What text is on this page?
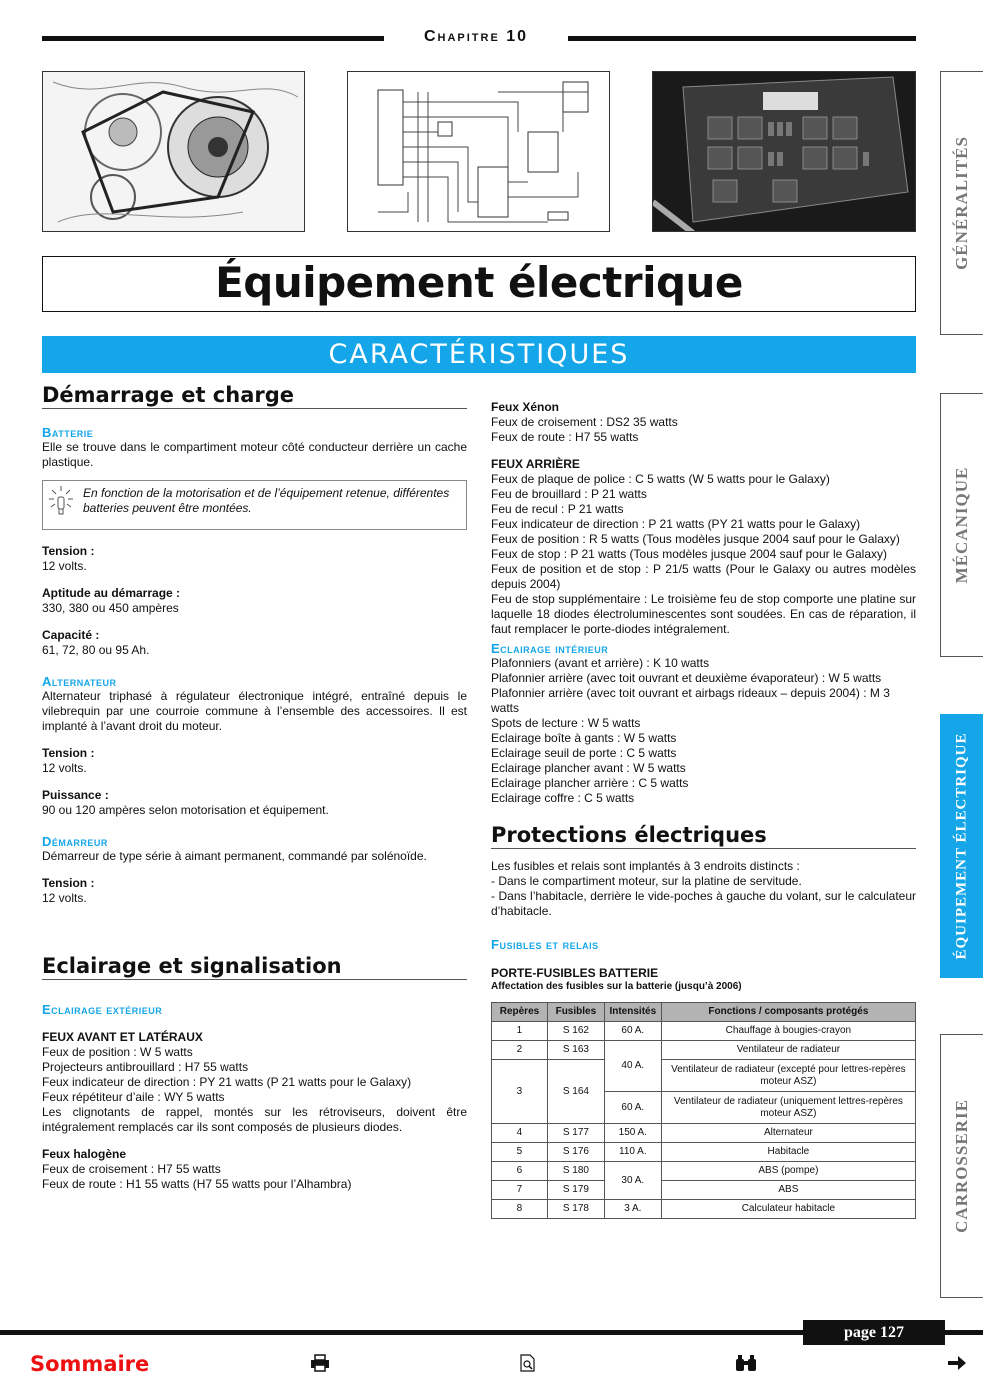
Chapitre 10
Équipement électrique
CARACTÉRISTIQUES
GÉNÉRALITÉS
MÉCANIQUE
ÉQUIPEMENT ÉLECTRIQUE
CARROSSERIE
Démarrage et charge
Batterie

Elle se trouve dans le compartiment moteur côté conducteur derrière un cache plastique.

En fonction de la motorisation et de l’équipement retenue, différentes batteries peuvent être montées.
Tension :
12 volts.
Aptitude au démarrage :
330, 380 ou 450 ampères
Capacité :
61, 72, 80 ou 95 Ah.
Alternateur

Alternateur triphasé à régulateur électronique intégré, entraîné depuis le vilebrequin par une courroie commune à l’ensemble des accessoires. Il est implanté à l’avant droit du moteur.

Tension :
12 volts.
Puissance :
90 ou 120 ampères selon motorisation et équipement.
Démarreur

Démarreur de type série à aimant permanent, commandé par solénoïde.

Tension :
12 volts.
Eclairage et signalisation
Eclairage extérieur
FEUX AVANT ET LATÉRAUX
Feux de position : W 5 watts
Projecteurs antibrouillard : H7 55 watts
Feux indicateur de direction : PY 21 watts (P 21 watts pour le Galaxy)
Feux répétiteur d’aile : WY 5 watts

Les clignotants de rappel, montés sur les rétroviseurs, doivent être intégralement remplacés car ils sont composés de plusieurs diodes.

Feux halogène
Feux de croisement : H7 55 watts
Feux de route : H1 55 watts (H7 55 watts pour l’Alhambra)
Feux Xénon
Feux de croisement : DS2 35 watts
Feux de route : H7 55 watts
FEUX ARRIÈRE
Feux de plaque de police : C 5 watts (W 5 watts pour le Galaxy)
Feu de brouillard : P 21 watts
Feu de recul : P 21 watts
Feux indicateur de direction : P 21 watts (PY 21 watts pour le Galaxy)
Feux de position : R 5 watts (Tous modèles jusque 2004 sauf pour le Galaxy)
Feux de stop : P 21 watts (Tous modèles jusque 2004 sauf pour le Galaxy)

Feux de position et de stop : P 21/5 watts (Pour le Galaxy ou autres modèles depuis 2004)

Feu de stop supplémentaire : Le troisième feu de stop comporte une platine sur laquelle 18 diodes électroluminescentes sont soudées. En cas de réparation, il faut remplacer le porte-diodes intégralement.

Eclairage intérieur
Plafonniers (avant et arrière) : K 10 watts
Plafonnier arrière (avec toit ouvrant et deuxième évaporateur) : W 5 watts
Plafonnier arrière (avec toit ouvrant et airbags rideaux – depuis 2004) : M 3 watts
Spots de lecture : W 5 watts
Eclairage boîte à gants : W 5 watts
Eclairage seuil de porte : C 5 watts
Eclairage plancher avant : W 5 watts
Eclairage plancher arrière : C 5 watts
Eclairage coffre : C 5 watts
Protections électriques
Les fusibles et relais sont implantés à 3 endroits distincts :
- Dans le compartiment moteur, sur la platine de servitude.

- Dans l’habitacle, derrière le vide-poches à gauche du volant, sur le calculateur d’habitacle.

Fusibles et relais
PORTE-FUSIBLES BATTERIE
Affectation des fusibles sur la batterie (jusqu’à 2006)
Repères	Fusibles	Intensités	Fonctions / composants protégés
1	S 162	60 A.	Chauffage à bougies-crayon
2	S 163	40 A.	Ventilateur de radiateur
3	S 164		Ventilateur de radiateur (excepté pour lettres-repères moteur ASZ)
		60 A.	Ventilateur de radiateur (uniquement lettres-repères moteur ASZ)
4	S 177	150 A.	Alternateur
5	S 176	110 A.	Habitacle
6	S 180	30 A.	ABS (pompe)
7	S 179		ABS
8	S 178	3 A.	Calculateur habitacle
page 127
Sommaire
